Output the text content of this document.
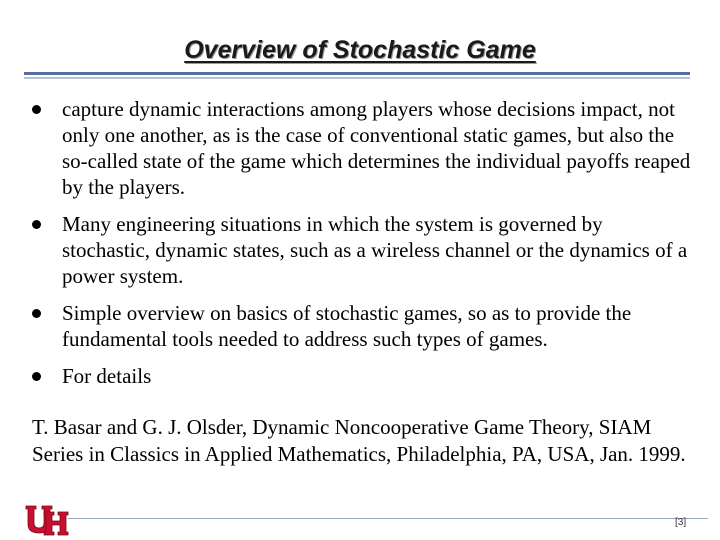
Overview of Stochastic Game
capture dynamic interactions among players whose decisions impact, not only one another, as is the case of conventional static games, but also the so-called state of the game which determines the individual payoffs reaped by the players.
Many engineering situations in which the system is governed by stochastic, dynamic states, such as a wireless channel or the dynamics of a power system.
Simple overview on basics of stochastic games, so as to provide the fundamental tools needed to address such types of games.
For details
T. Basar and G. J. Olsder, Dynamic Noncooperative Game Theory, SIAM Series in Classics in Applied Mathematics, Philadelphia, PA, USA, Jan. 1999.
[3]
